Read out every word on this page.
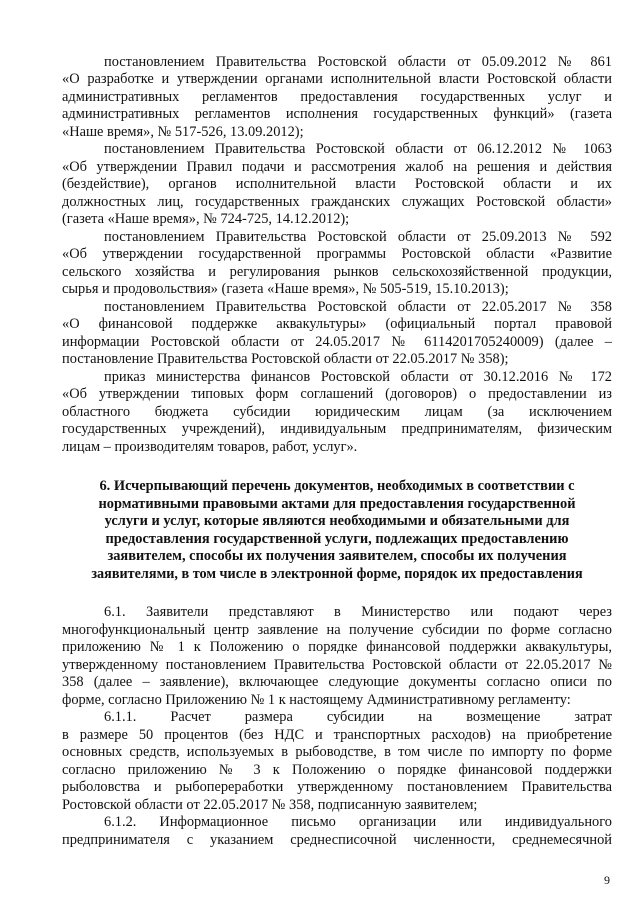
постановлением Правительства Ростовской области от 05.09.2012 № 861
«О разработке и утверждении органами исполнительной власти Ростовской области
административных регламентов предоставления государственных услуг и
административных регламентов исполнения государственных функций» (газета
«Наше время», № 517-526, 13.09.2012);
постановлением Правительства Ростовской области от 06.12.2012 № 1063
«Об утверждении Правил подачи и рассмотрения жалоб на решения и действия
(бездействие), органов исполнительной власти Ростовской области и их
должностных лиц, государственных гражданских служащих Ростовской области»
(газета «Наше время», № 724-725, 14.12.2012);
постановлением Правительства Ростовской области от 25.09.2013 № 592
«Об утверждении государственной программы Ростовской области «Развитие
сельского хозяйства и регулирования рынков сельскохозяйственной продукции,
сырья и продовольствия» (газета «Наше время», № 505-519, 15.10.2013);
постановлением Правительства Ростовской области от 22.05.2017 № 358
«О финансовой поддержке аквакультуры» (официальный портал правовой
информации Ростовской области от 24.05.2017 № 6114201705240009) (далее –
постановление Правительства Ростовской области от 22.05.2017 № 358);
приказ министерства финансов Ростовской области от 30.12.2016 № 172
«Об утверждении типовых форм соглашений (договоров) о предоставлении из
областного бюджета субсидии юридическим лицам (за исключением
государственных учреждений), индивидуальным предпринимателям, физическим
лицам – производителям товаров, работ, услуг».
6. Исчерпывающий перечень документов, необходимых в соответствии с
нормативными правовыми актами для предоставления государственной
услуги и услуг, которые являются необходимыми и обязательными для
предоставления государственной услуги, подлежащих предоставлению
заявителем, способы их получения заявителем, способы их получения
заявителями, в том числе в электронной форме, порядок их предоставления
6.1. Заявители представляют в Министерство или подают через
многофункциональный центр заявление на получение субсидии по форме согласно
приложению № 1 к Положению о порядке финансовой поддержки аквакультуры,
утвержденному постановлением Правительства Ростовской области от 22.05.2017 №
358 (далее – заявление), включающее следующие документы согласно описи по
форме, согласно Приложению № 1 к настоящему Административному регламенту:
6.1.1. Расчет размера субсидии на возмещение затрат
в размере 50 процентов (без НДС и транспортных расходов) на приобретение
основных средств, используемых в рыбоводстве, в том числе по импорту по форме
согласно приложению № 3 к Положению о порядке финансовой поддержки
рыболовства и рыбопереработки утвержденному постановлением Правительства
Ростовской области от 22.05.2017 № 358, подписанную заявителем;
6.1.2. Информационное письмо организации или индивидуального
предпринимателя с указанием среднесписочной численности, среднемесячной
9
